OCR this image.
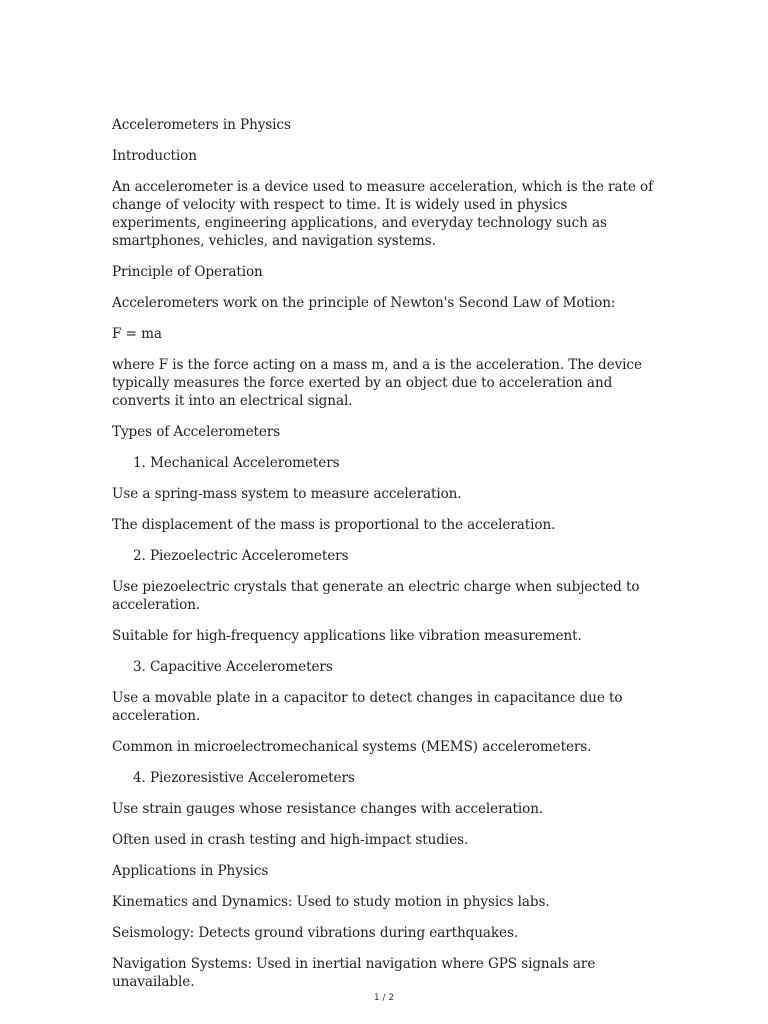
Accelerometers in Physics

Introduction

An accelerometer is a device used to measure acceleration, which is the rate of change of velocity with respect to time. It is widely used in physics experiments, engineering applications, and everyday technology such as smartphones, vehicles, and navigation systems.

Principle of Operation

Accelerometers work on the principle of Newton's Second Law of Motion:

F = ma

where F is the force acting on a mass m, and a is the acceleration. The device typically measures the force exerted by an object due to acceleration and converts it into an electrical signal.

Types of Accelerometers

1. Mechanical Accelerometers

Use a spring-mass system to measure acceleration.

The displacement of the mass is proportional to the acceleration.

2. Piezoelectric Accelerometers

Use piezoelectric crystals that generate an electric charge when subjected to acceleration.

Suitable for high-frequency applications like vibration measurement.

3. Capacitive Accelerometers

Use a movable plate in a capacitor to detect changes in capacitance due to acceleration.

Common in microelectromechanical systems (MEMS) accelerometers.

4. Piezoresistive Accelerometers

Use strain gauges whose resistance changes with acceleration.

Often used in crash testing and high-impact studies.

Applications in Physics

Kinematics and Dynamics: Used to study motion in physics labs.

Seismology: Detects ground vibrations during earthquakes.

Navigation Systems: Used in inertial navigation where GPS signals are unavailable.

1 / 2
